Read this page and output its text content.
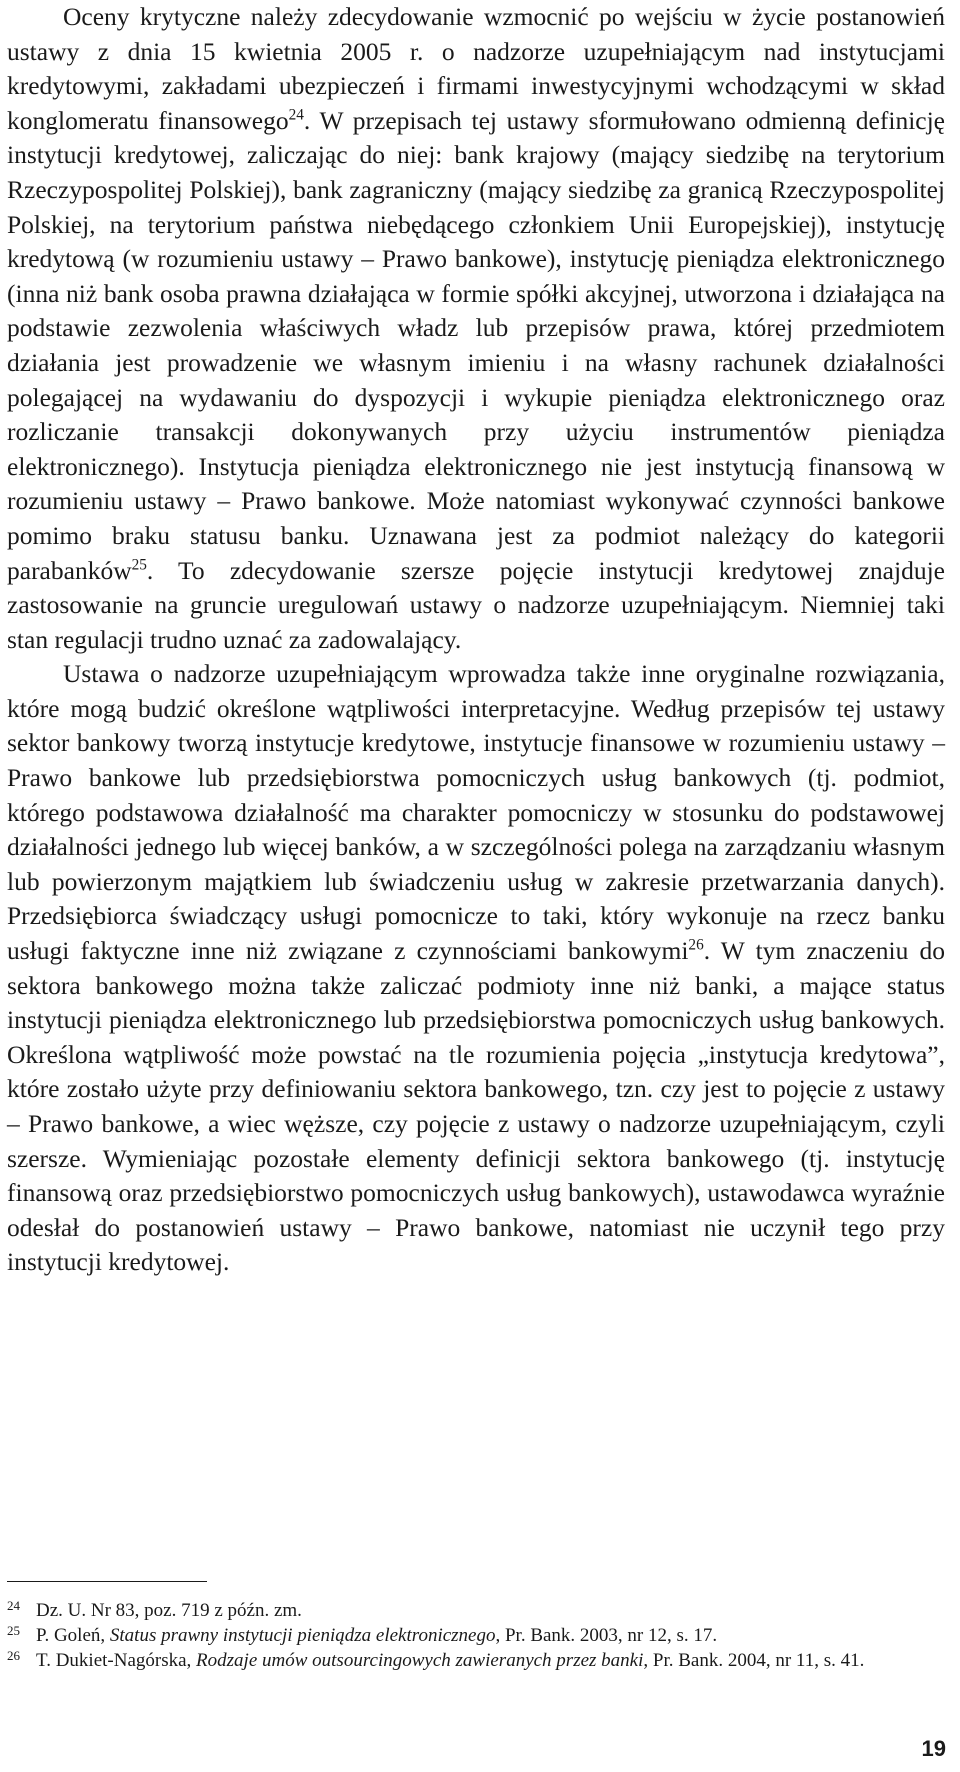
Oceny krytyczne należy zdecydowanie wzmocnić po wejściu w życie postanowień ustawy z dnia 15 kwietnia 2005 r. o nadzorze uzupełniającym nad instytucjami kredytowymi, zakładami ubezpieczeń i firmami inwestycyjnymi wchodzącymi w skład konglomeratu finansowego$^{24}$. W przepisach tej ustawy sformułowano odmienną definicję instytucji kredytowej, zaliczając do niej: bank krajowy (mający siedzibę na terytorium Rzeczypospolitej Polskiej), bank zagraniczny (mający siedzibę za granicą Rzeczypospolitej Polskiej, na terytorium państwa niebędącego członkiem Unii Europejskiej), instytucję kredytową (w rozumieniu ustawy – Prawo bankowe), instytucję pieniądza elektronicznego (inna niż bank osoba prawna działająca w formie spółki akcyjnej, utworzona i działająca na podstawie zezwolenia właściwych władz lub przepisów prawa, której przedmiotem działania jest prowadzenie we własnym imieniu i na własny rachunek działalności polegającej na wydawaniu do dyspozycji i wykupie pieniądza elektronicznego oraz rozliczanie transakcji dokonywanych przy użyciu instrumentów pieniądza elektronicznego). Instytucja pieniądza elektronicznego nie jest instytucją finansową w rozumieniu ustawy – Prawo bankowe. Może natomiast wykonywać czynności bankowe pomimo braku statusu banku. Uznawana jest za podmiot należący do kategorii parabanków$^{25}$. To zdecydowanie szersze pojęcie instytucji kredytowej znajduje zastosowanie na gruncie uregulowań ustawy o nadzorze uzupełniającym. Niemniej taki stan regulacji trudno uznać za zadowalający.

Ustawa o nadzorze uzupełniającym wprowadza także inne oryginalne rozwiązania, które mogą budzić określone wątpliwości interpretacyjne. Według przepisów tej ustawy sektor bankowy tworzą instytucje kredytowe, instytucje finansowe w rozumieniu ustawy – Prawo bankowe lub przedsiębiorstwa pomocniczych usług bankowych (tj. podmiot, którego podstawowa działalność ma charakter pomocniczy w stosunku do podstawowej działalności jednego lub więcej banków, a w szczególności polega na zarządzaniu własnym lub powierzonym majątkiem lub świadczeniu usług w zakresie przetwarzania danych). Przedsiębiorca świadczący usługi pomocnicze to taki, który wykonuje na rzecz banku usługi faktyczne inne niż związane z czynnościami bankowymi$^{26}$. W tym znaczeniu do sektora bankowego można także zaliczać podmioty inne niż banki, a mające status instytucji pieniądza elektronicznego lub przedsiębiorstwa pomocniczych usług bankowych. Określona wątpliwość może powstać na tle rozumienia pojęcia „instytucja kredytowa”, które zostało użyte przy definiowaniu sektora bankowego, tzn. czy jest to pojęcie z ustawy – Prawo bankowe, a wiec węższe, czy pojęcie z ustawy o nadzorze uzupełniającym, czyli szersze. Wymieniając pozostałe elementy definicji sektora bankowego (tj. instytucję finansową oraz przedsiębiorstwo pomocniczych usług bankowych), ustawodawca wyraźnie odesłał do postanowień ustawy – Prawo bankowe, natomiast nie uczynił tego przy instytucji kredytowej.

24 Dz. U. Nr 83, poz. 719 z późn. zm.

25 P. Goleń, Status prawny instytucji pieniądza elektronicznego, Pr. Bank. 2003, nr 12, s. 17.

26 T. Dukiet-Nagórska, Rodzaje umów outsourcingowych zawieranych przez banki, Pr. Bank. 2004, nr 11, s. 41.

19
